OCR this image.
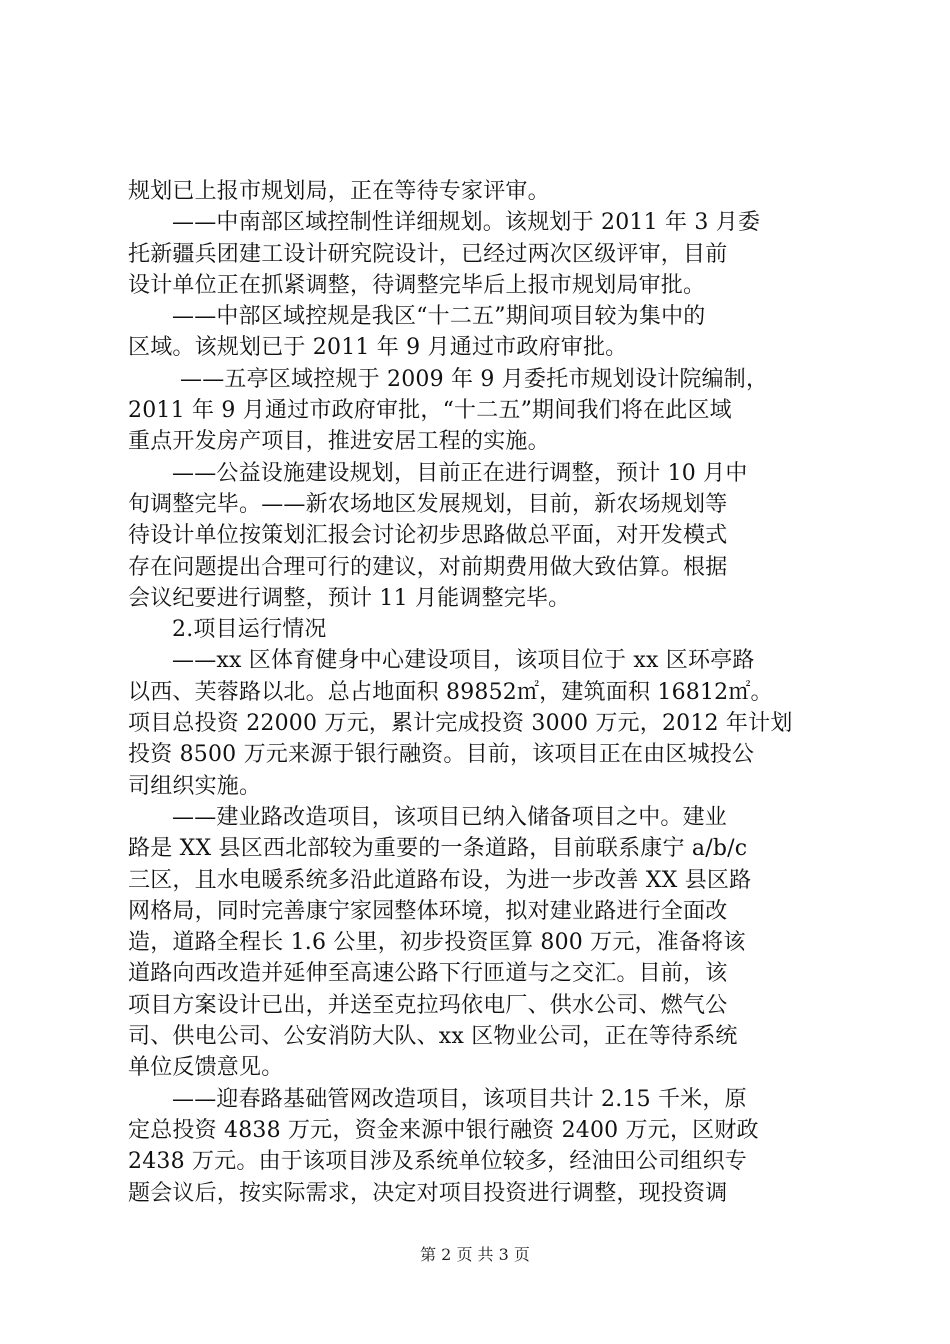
规划已上报市规划局，正在等待专家评审。
——中南部区域控制性详细规划。该规划于 2011 年 3 月委
托新疆兵团建工设计研究院设计，已经过两次区级评审，目前
设计单位正在抓紧调整，待调整完毕后上报市规划局审批。
——中部区域控规是我区“十二五”期间项目较为集中的
区域。该规划已于 2011 年 9 月通过市政府审批。
——五亭区域控规于 2009 年 9 月委托市规划设计院编制，
2011 年 9 月通过市政府审批，“十二五”期间我们将在此区域
重点开发房产项目，推进安居工程的实施。
——公益设施建设规划，目前正在进行调整，预计 10 月中
旬调整完毕。——新农场地区发展规划，目前，新农场规划等
待设计单位按策划汇报会讨论初步思路做总平面，对开发模式
存在问题提出合理可行的建议，对前期费用做大致估算。根据
会议纪要进行调整，预计 11 月能调整完毕。
2.项目运行情况
——xx 区体育健身中心建设项目，该项目位于 xx 区环亭路
以西、芙蓉路以北。总占地面积 89852㎡，建筑面积 16812㎡。
项目总投资 22000 万元，累计完成投资 3000 万元，2012 年计划
投资 8500 万元来源于银行融资。目前，该项目正在由区城投公
司组织实施。
——建业路改造项目，该项目已纳入储备项目之中。建业
路是 XX 县区西北部较为重要的一条道路，目前联系康宁 a/b/c
三区，且水电暖系统多沿此道路布设，为进一步改善 XX 县区路
网格局，同时完善康宁家园整体环境，拟对建业路进行全面改
造，道路全程长 1.6 公里，初步投资匡算 800 万元，准备将该
道路向西改造并延伸至高速公路下行匝道与之交汇。目前，该
项目方案设计已出，并送至克拉玛依电厂、供水公司、燃气公
司、供电公司、公安消防大队、xx 区物业公司，正在等待系统
单位反馈意见。
——迎春路基础管网改造项目，该项目共计 2.15 千米，原
定总投资 4838 万元，资金来源中银行融资 2400 万元，区财政
2438 万元。由于该项目涉及系统单位较多，经油田公司组织专
题会议后，按实际需求，决定对项目投资进行调整，现投资调
第 2 页 共 3 页
